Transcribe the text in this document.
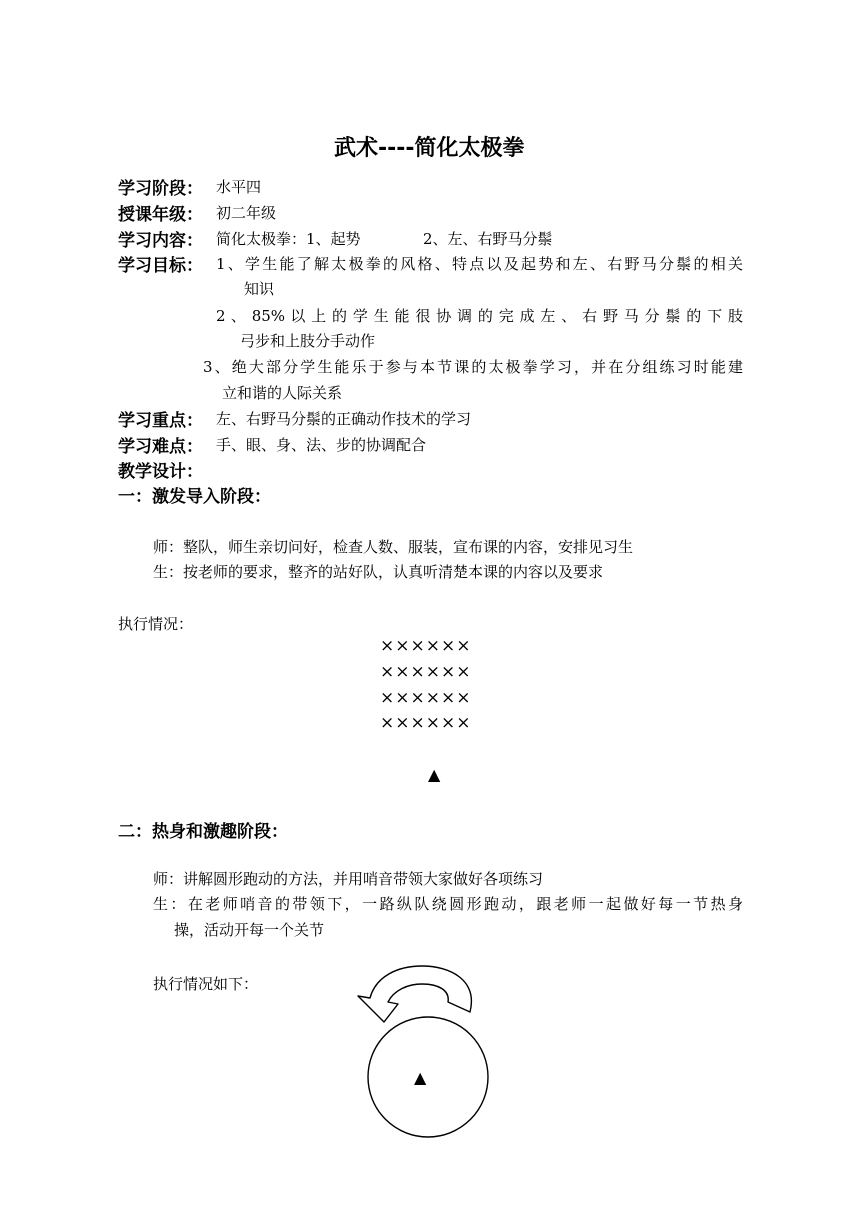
武术----简化太极拳
学习阶段： 水平四
授课年级： 初二年级
学习内容： 简化太极拳：1、起势	2、左、右野马分鬃
学习目标： 1、学生能了解太极拳的风格、特点以及起势和左、右野马分鬃的相关
知识
2 、 85% 以 上 的 学 生 能 很 协 调 的 完 成 左 、 右 野 马 分 鬃 的 下 肢
弓步和上肢分手动作
3、绝大部分学生能乐于参与本节课的太极拳学习，并在分组练习时能建
立和谐的人际关系
学习重点： 左、右野马分鬃的正确动作技术的学习
学习难点： 手、眼、身、法、步的协调配合
教学设计：
一：激发导入阶段：
师：整队，师生亲切问好，检查人数、服装，宣布课的内容，安排见习生
生：按老师的要求，整齐的站好队，认真听清楚本课的内容以及要求
执行情况：
××××××
××××××
××××××
××××××
▲
二：热身和激趣阶段：
师：讲解圆形跑动的方法，并用哨音带领大家做好各项练习
生：在老师哨音的带领下，一路纵队绕圆形跑动，跟老师一起做好每一节热身
操，活动开每一个关节
执行情况如下：
▲
